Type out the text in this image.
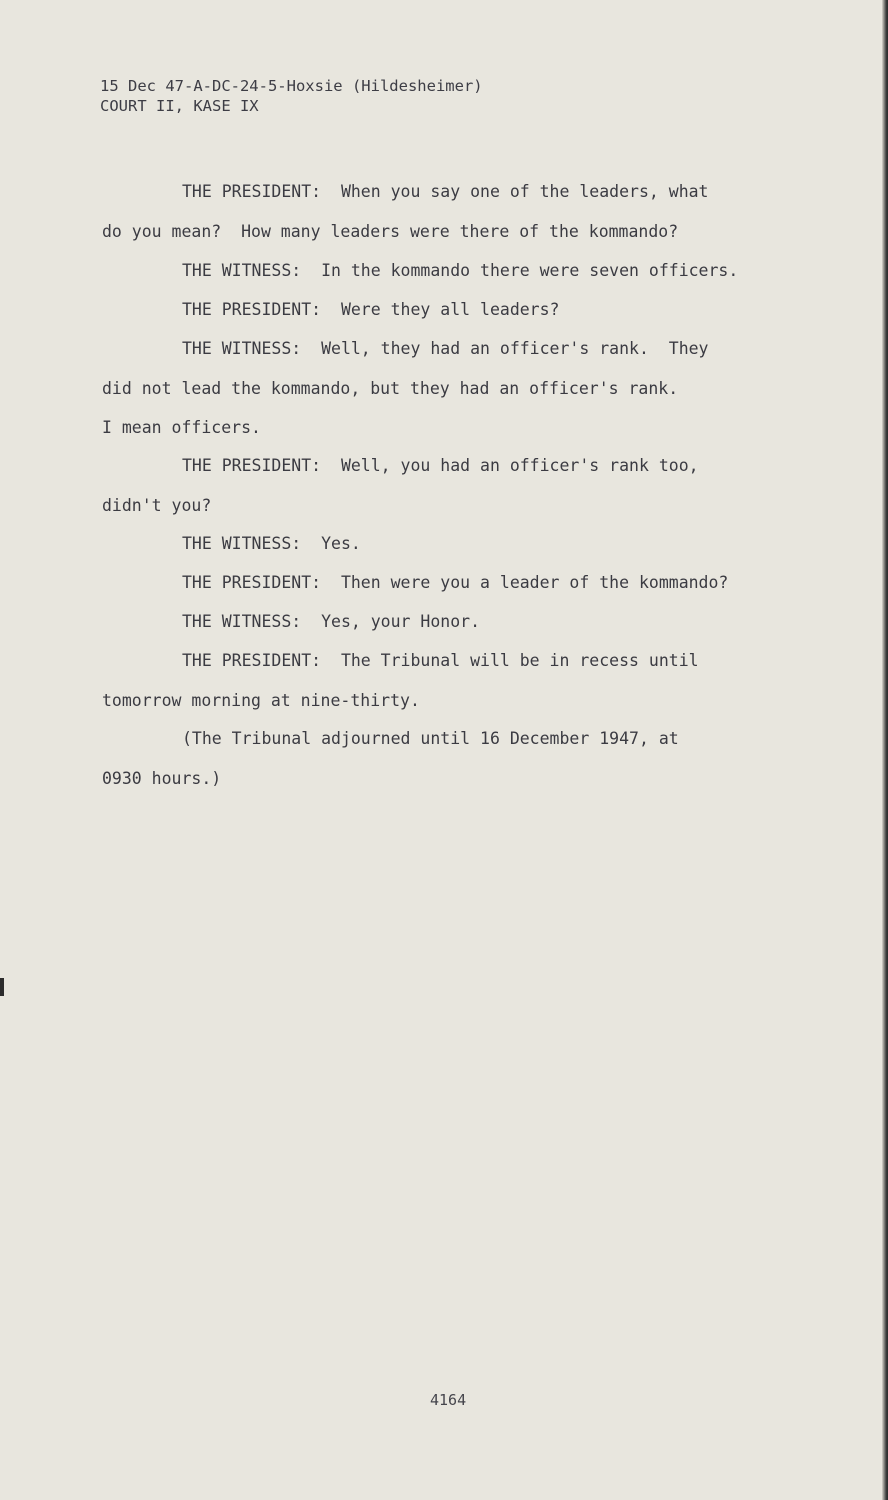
15 Dec 47-A-DC-24-5-Hoxsie (Hildesheimer)
COURT II, KASE IX
THE PRESIDENT:  When you say one of the leaders, what
do you mean?  How many leaders were there of the kommando?
THE WITNESS:  In the kommando there were seven officers.
THE PRESIDENT:  Were they all leaders?
THE WITNESS:  Well, they had an officer's rank.  They
did not lead the kommando, but they had an officer's rank.
I mean officers.
THE PRESIDENT:  Well, you had an officer's rank too,
didn't you?
THE WITNESS:  Yes.
THE PRESIDENT:  Then were you a leader of the kommando?
THE WITNESS:  Yes, your Honor.
THE PRESIDENT:  The Tribunal will be in recess until
tomorrow morning at nine-thirty.
(The Tribunal adjourned until 16 December 1947, at
0930 hours.)
4164
